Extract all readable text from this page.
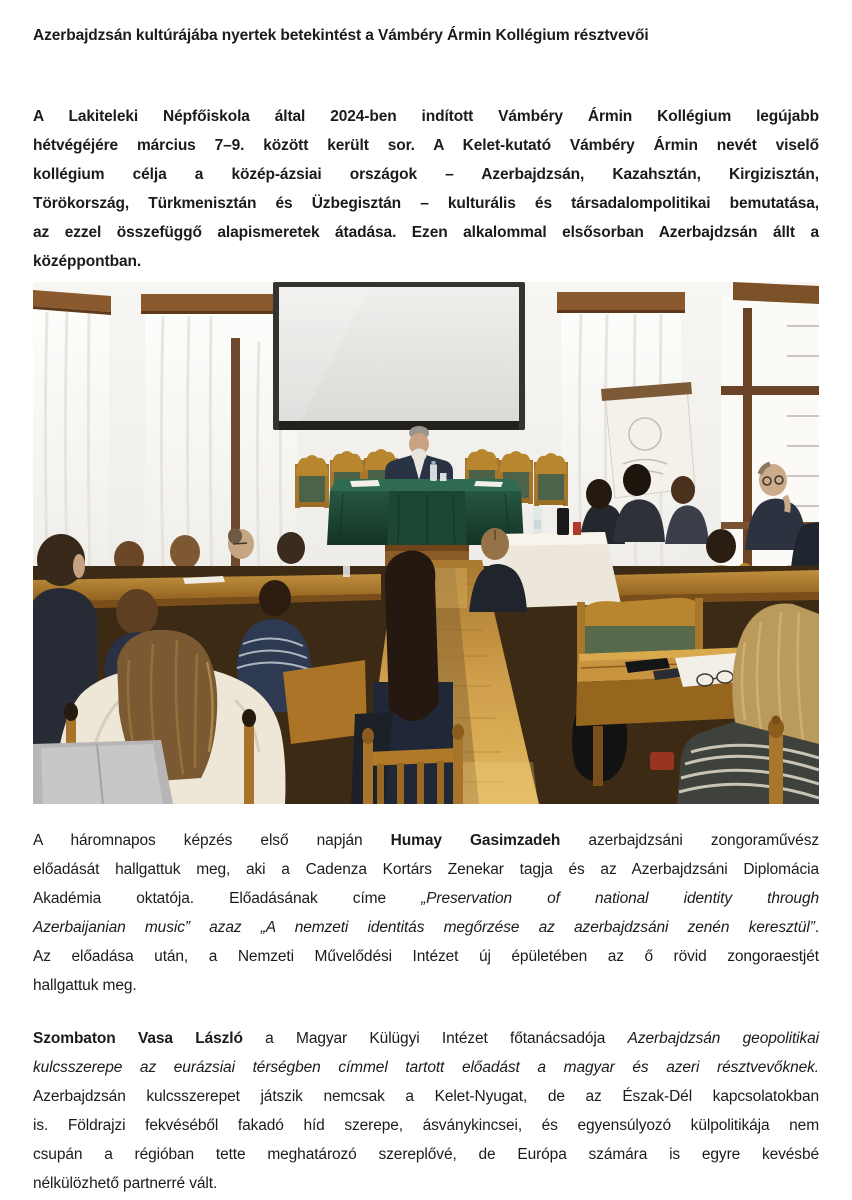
Azerbajdzsán kultúrájába nyertek betekintést a Vámbéry Ármin Kollégium résztvevői
A Lakiteleki Népfőiskola által 2024-ben indított Vámbéry Ármin Kollégium legújabb
hétvégéjére március 7–9. között került sor. A Kelet-kutató Vámbéry Ármin nevét viselő
kollégium célja a közép-ázsiai országok – Azerbajdzsán, Kazahsztán, Kirgizisztán,
Törökország, Türkmenisztán és Üzbegisztán – kulturális és társadalompolitikai bemutatása,
az ezzel összefüggő alapismeretek átadása. Ezen alkalommal elsősorban Azerbajdzsán állt a
középpontban.
A háromnapos képzés első napján Humay Gasimzadeh azerbajdzsáni zongoraművész
előadását hallgattuk meg, aki a Cadenza Kortárs Zenekar tagja és az Azerbajdzsáni Diplomácia
Akadémia oktatója. Előadásának címe „Preservation of national identity through
Azerbaijanian music” azaz „A nemzeti identitás megőrzése az azerbajdzsáni zenén keresztül”.
Az előadása után, a Nemzeti Művelődési Intézet új épületében az ő rövid zongoraestjét
hallgattuk meg.
Szombaton Vasa László a Magyar Külügyi Intézet főtanácsadója Azerbajdzsán geopolitikai
kulcsszerepe az eurázsiai térségben címmel tartott előadást a magyar és azeri résztvevőknek.
Azerbajdzsán kulcsszerepet játszik nemcsak a Kelet-Nyugat, de az Észak-Dél kapcsolatokban
is. Földrajzi fekvéséből fakadó híd szerepe, ásványkincsei, és egyensúlyozó külpolitikája nem
csupán a régióban tette meghatározó szereplővé, de Európa számára is egyre kevésbé
nélkülözhető partnerré vált.
